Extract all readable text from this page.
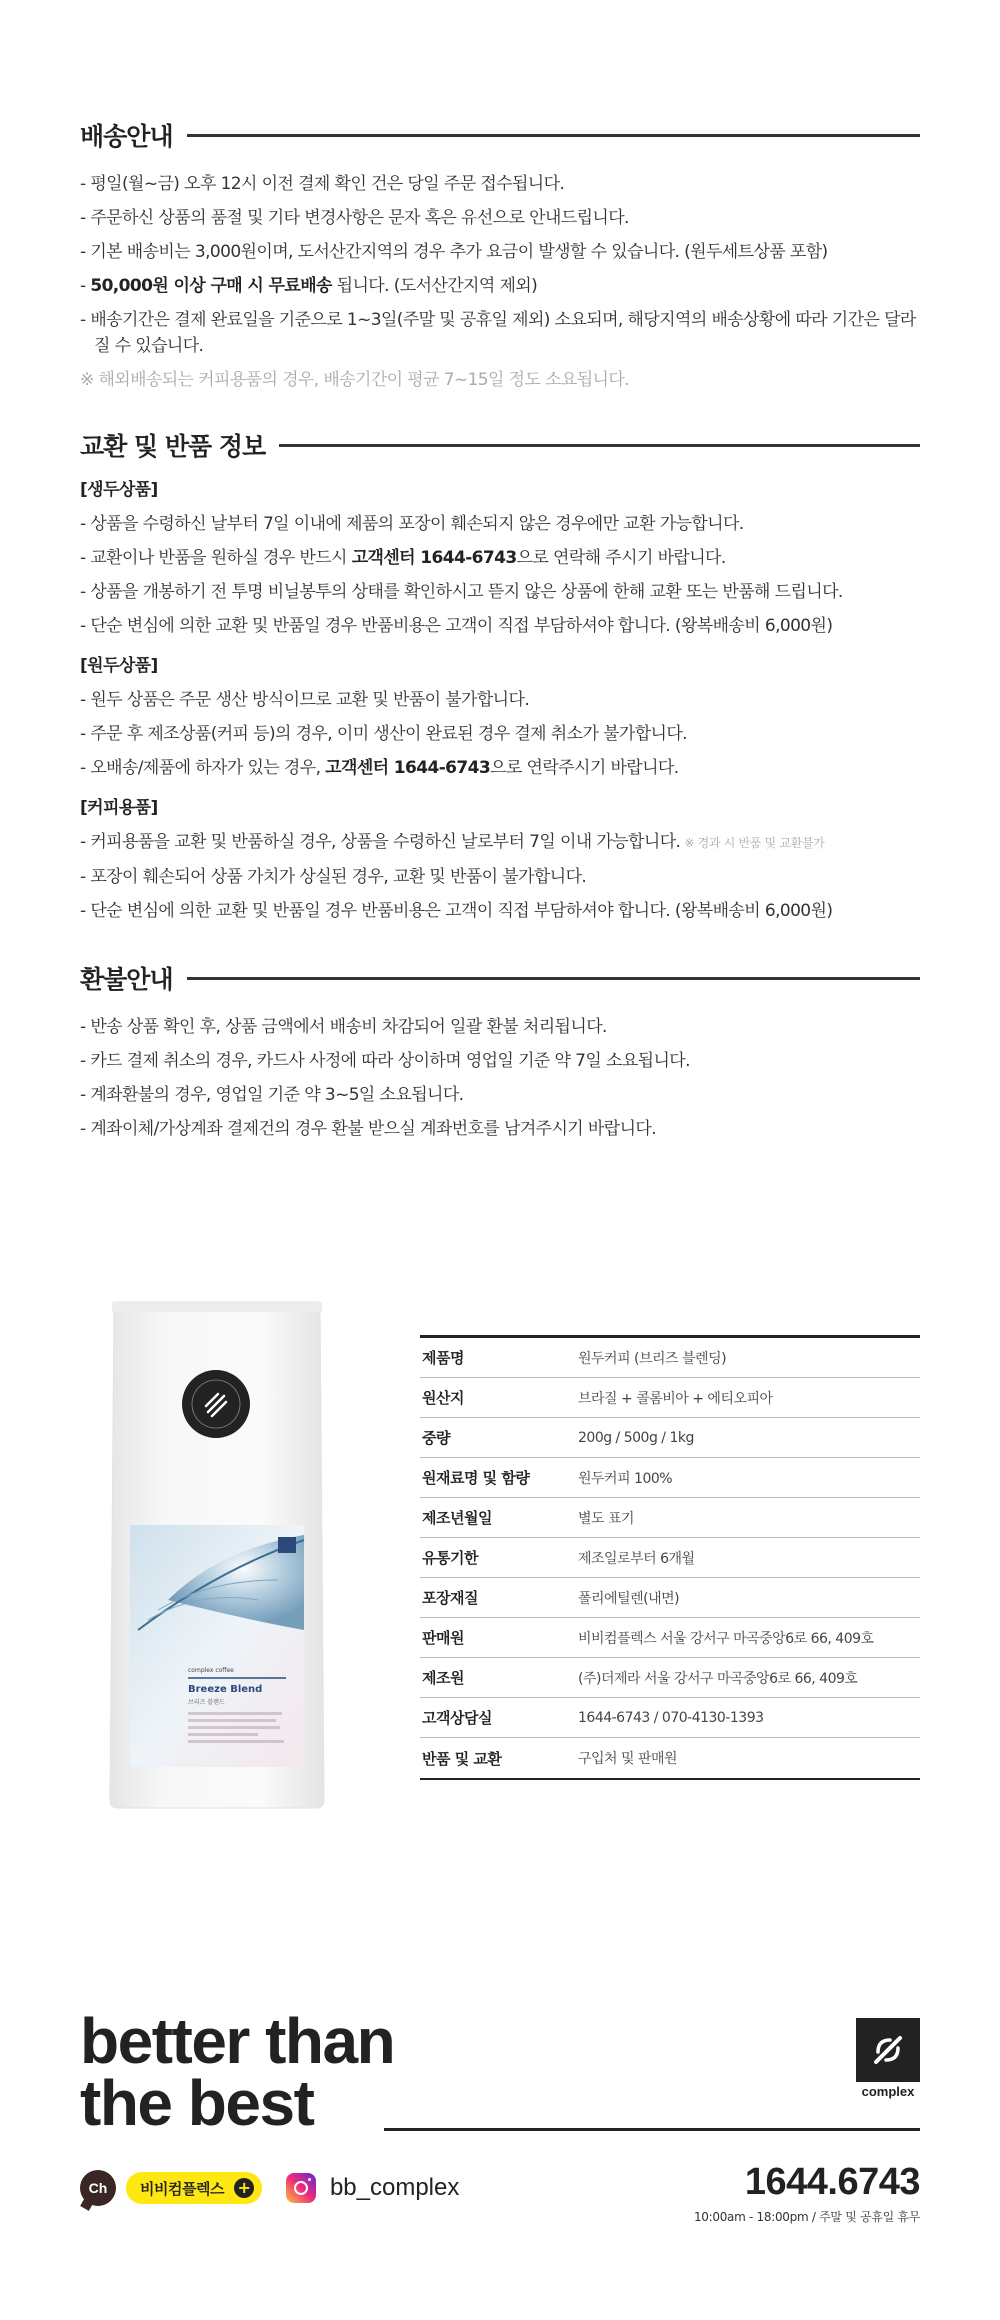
배송안내
- 평일(월~금) 오후 12시 이전 결제 확인 건은 당일 주문 접수됩니다.
- 주문하신 상품의 품절 및 기타 변경사항은 문자 혹은 유선으로 안내드립니다.
- 기본 배송비는 3,000원이며, 도서산간지역의 경우 추가 요금이 발생할 수 있습니다. (원두세트상품 포함)
- 50,000원 이상 구매 시 무료배송 됩니다. (도서산간지역 제외)
- 배송기간은 결제 완료일을 기준으로 1~3일(주말 및 공휴일 제외) 소요되며, 해당지역의 배송상황에 따라 기간은 달라질 수 있습니다.
※ 해외배송되는 커피용품의 경우, 배송기간이 평균 7~15일 정도 소요됩니다.
교환 및 반품 정보
[생두상품]
- 상품을 수령하신 날부터 7일 이내에 제품의 포장이 훼손되지 않은 경우에만 교환 가능합니다.
- 교환이나 반품을 원하실 경우 반드시 고객센터 1644-6743으로 연락해 주시기 바랍니다.
- 상품을 개봉하기 전 투명 비닐봉투의 상태를 확인하시고 뜯지 않은 상품에 한해 교환 또는 반품해 드립니다.
- 단순 변심에 의한 교환 및 반품일 경우 반품비용은 고객이 직접 부담하셔야 합니다. (왕복배송비 6,000원)
[원두상품]
- 원두 상품은 주문 생산 방식이므로 교환 및 반품이 불가합니다.
- 주문 후 제조상품(커피 등)의 경우, 이미 생산이 완료된 경우 결제 취소가 불가합니다.
- 오배송/제품에 하자가 있는 경우, 고객센터 1644-6743으로 연락주시기 바랍니다.
[커피용품]
- 커피용품을 교환 및 반품하실 경우, 상품을 수령하신 날로부터 7일 이내 가능합니다. ※ 경과 시 반품 및 교환불가
- 포장이 훼손되어 상품 가치가 상실된 경우, 교환 및 반품이 불가합니다.
- 단순 변심에 의한 교환 및 반품일 경우 반품비용은 고객이 직접 부담하셔야 합니다. (왕복배송비 6,000원)
환불안내
- 반송 상품 확인 후, 상품 금액에서 배송비 차감되어 일괄 환불 처리됩니다.
- 카드 결제 취소의 경우, 카드사 사정에 따라 상이하며 영업일 기준 약 7일 소요됩니다.
- 계좌환불의 경우, 영업일 기준 약 3~5일 소요됩니다.
- 계좌이체/가상계좌 결제건의 경우 환불 받으실 계좌번호를 남겨주시기 바랍니다.
complex coffee
Breeze Blend
브리즈 블렌드
제품명	원두커피 (브리즈 블렌딩)
원산지	브라질 + 콜롬비아 + 에티오피아
중량	200g / 500g / 1kg
원재료명 및 함량	원두커피 100%
제조년월일	별도 표기
유통기한	제조일로부터 6개월
포장재질	폴리에틸렌(내면)
판매원	비비컴플렉스 서울 강서구 마곡중앙6로 66, 409호
제조원	(주)더제라 서울 강서구 마곡중앙6로 66, 409호
고객상담실	1644-6743 / 070-4130-1393
반품 및 교환	구입처 및 판매원
better than
the best	complex
Ch	비비컴플렉스 +	bb_complex	1644.6743
10:00am - 18:00pm / 주말 및 공휴일 휴무
